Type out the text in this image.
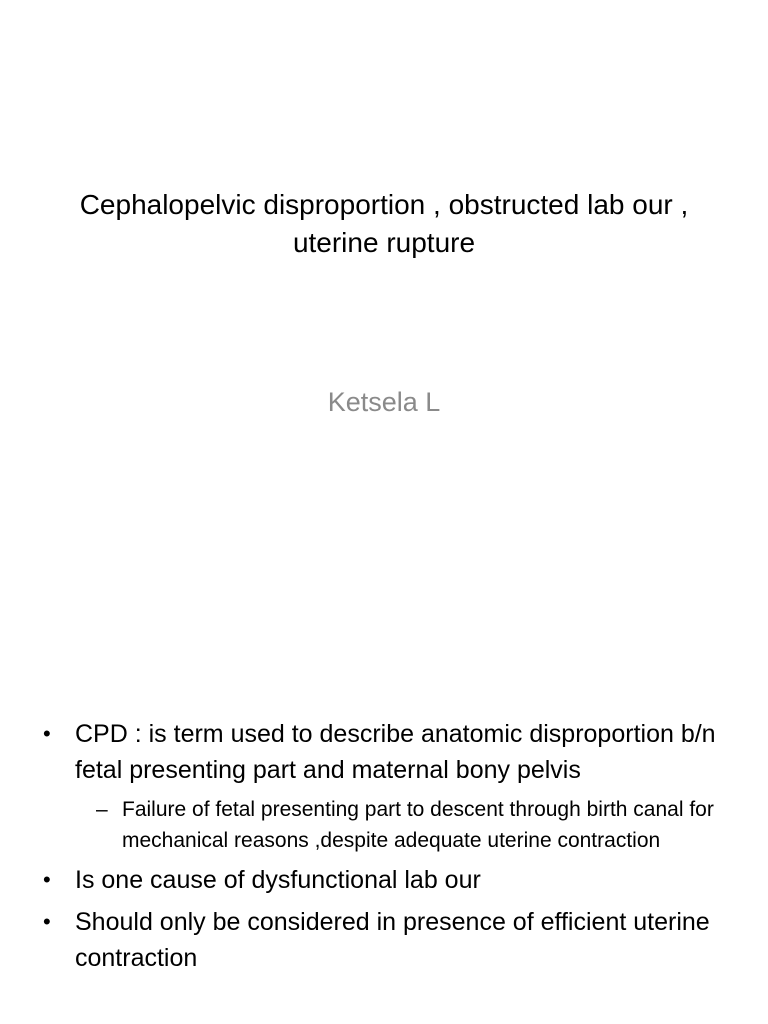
Cephalopelvic disproportion , obstructed lab our , uterine rupture
Ketsela L
• CPD : is term used to describe anatomic disproportion b/n fetal presenting part and maternal bony pelvis
– Failure of fetal presenting part to descent through birth canal for mechanical reasons ,despite adequate uterine contraction
• Is one cause of dysfunctional lab our
• Should only be considered in presence of efficient uterine contraction
